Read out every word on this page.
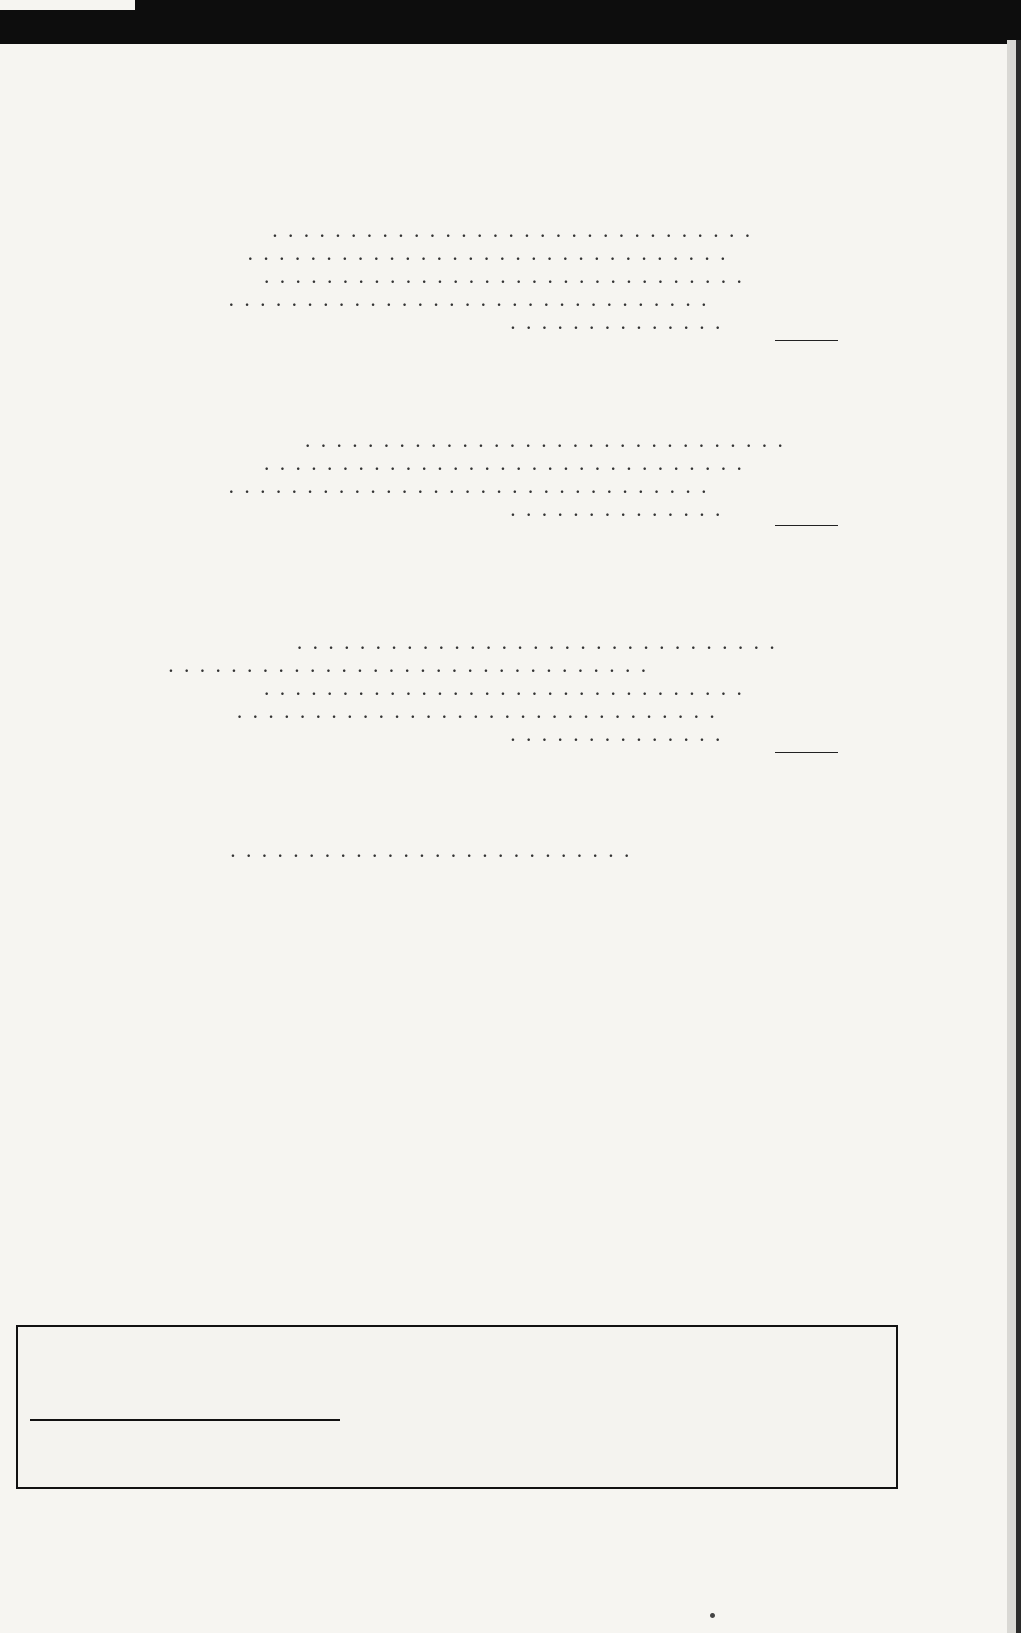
. . . . . . . . . . . . . . . . . . . . . . . . . . . . . . .
. . . . . . . . . . . . . . . . . . . . . . . . . . . . . . .
. . . . . . . . . . . . . . . . . . . . . . . . . . . . . . .
. . . . . . . . . . . . . . . . . . . . . . . . . . . . . . .
. . . . . . . . . . . . . .
. . . . . . . . . . . . . . . . . . . . . . . . . . . . . . .
. . . . . . . . . . . . . . . . . . . . . . . . . . . . . . .
. . . . . . . . . . . . . . . . . . . . . . . . . . . . . . .
. . . . . . . . . . . . . .
. . . . . . . . . . . . . . . . . . . . . . . . . . . . . . .
. . . . . . . . . . . . . . . . . . . . . . . . . . . . . . .
. . . . . . . . . . . . . . . . . . . . . . . . . . . . . . .
. . . . . . . . . . . . . . . . . . . . . . . . . . . . . . .
. . . . . . . . . . . . . .
. . . . . . . . . . . . . . . . . . . . . . . . . .
